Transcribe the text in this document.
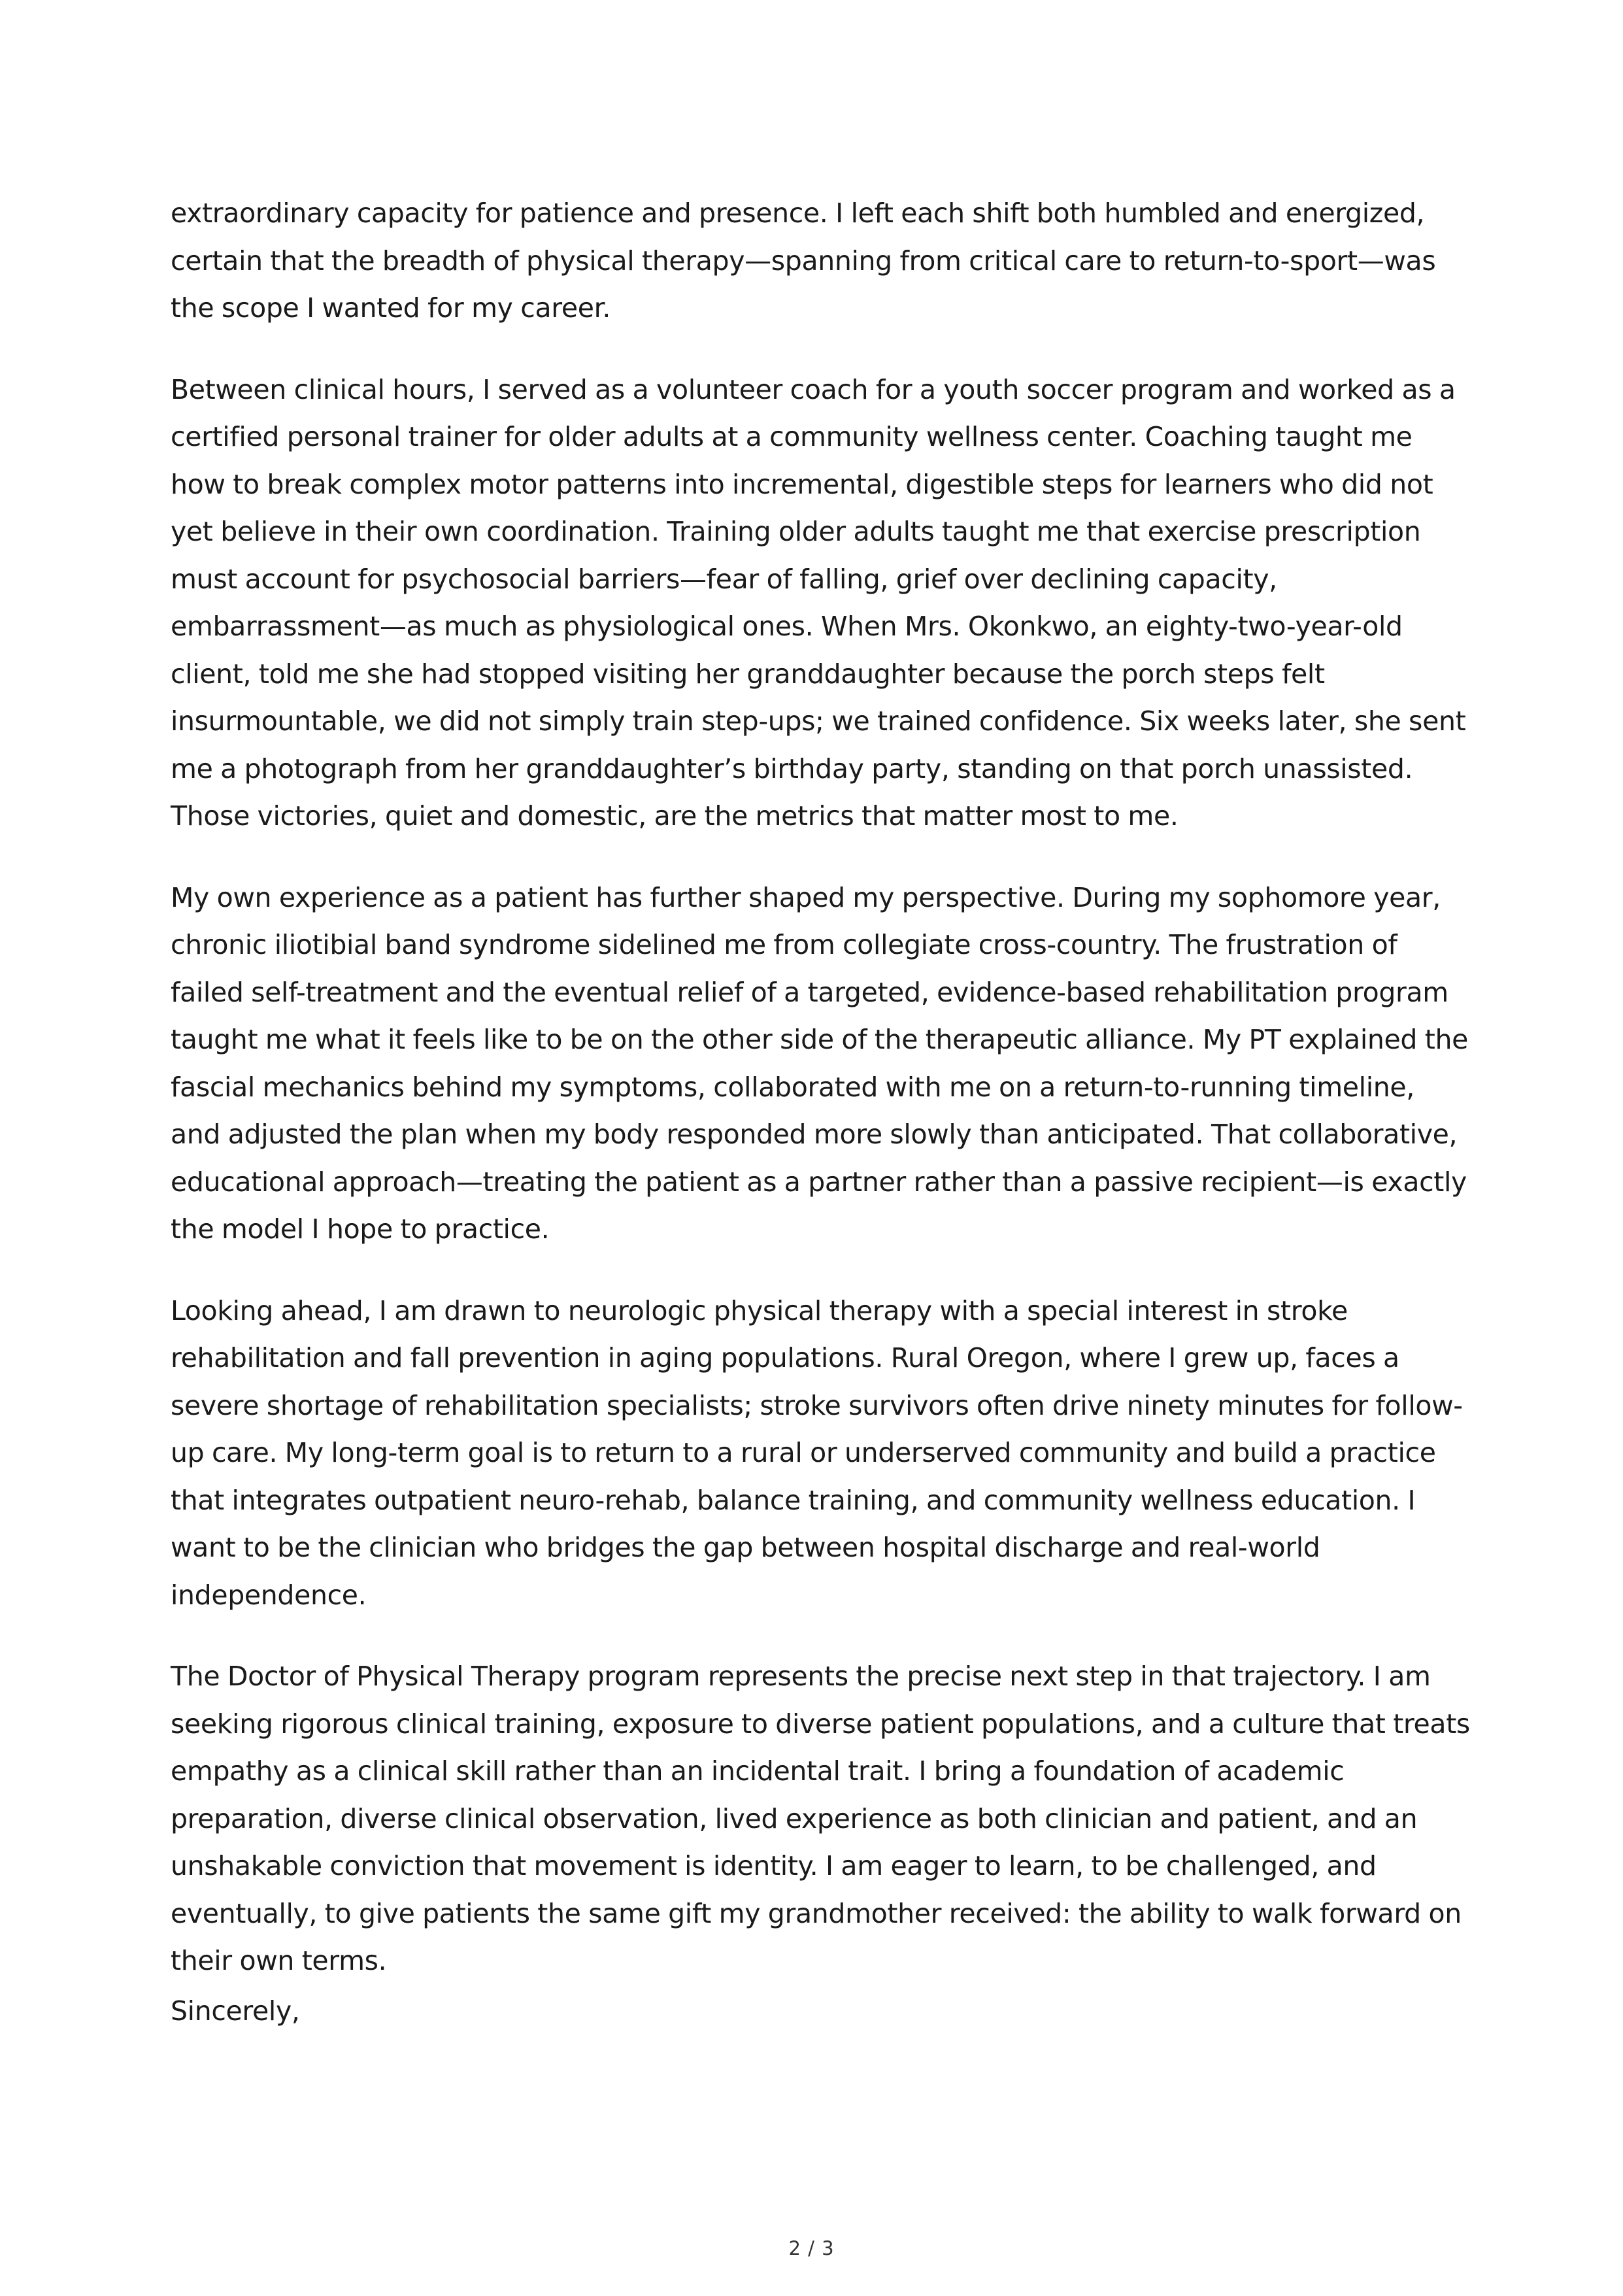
extraordinary capacity for patience and presence. I left each shift both humbled and energized, certain that the breadth of physical therapy—spanning from critical care to return-to-sport—was the scope I wanted for my career.

Between clinical hours, I served as a volunteer coach for a youth soccer program and worked as a certified personal trainer for older adults at a community wellness center. Coaching taught me how to break complex motor patterns into incremental, digestible steps for learners who did not yet believe in their own coordination. Training older adults taught me that exercise prescription must account for psychosocial barriers—fear of falling, grief over declining capacity, embarrassment—as much as physiological ones. When Mrs. Okonkwo, an eighty-two-year-old client, told me she had stopped visiting her granddaughter because the porch steps felt insurmountable, we did not simply train step-ups; we trained confidence. Six weeks later, she sent me a photograph from her granddaughter’s birthday party, standing on that porch unassisted. Those victories, quiet and domestic, are the metrics that matter most to me.

My own experience as a patient has further shaped my perspective. During my sophomore year, chronic iliotibial band syndrome sidelined me from collegiate cross-country. The frustration of failed self-treatment and the eventual relief of a targeted, evidence-based rehabilitation program taught me what it feels like to be on the other side of the therapeutic alliance. My PT explained the fascial mechanics behind my symptoms, collaborated with me on a return-to-running timeline, and adjusted the plan when my body responded more slowly than anticipated. That collaborative, educational approach—treating the patient as a partner rather than a passive recipient—is exactly the model I hope to practice.

Looking ahead, I am drawn to neurologic physical therapy with a special interest in stroke rehabilitation and fall prevention in aging populations. Rural Oregon, where I grew up, faces a severe shortage of rehabilitation specialists; stroke survivors often drive ninety minutes for follow-up care. My long-term goal is to return to a rural or underserved community and build a practice that integrates outpatient neuro-rehab, balance training, and community wellness education. I want to be the clinician who bridges the gap between hospital discharge and real-world independence.

The Doctor of Physical Therapy program represents the precise next step in that trajectory. I am seeking rigorous clinical training, exposure to diverse patient populations, and a culture that treats empathy as a clinical skill rather than an incidental trait. I bring a foundation of academic preparation, diverse clinical observation, lived experience as both clinician and patient, and an unshakable conviction that movement is identity. I am eager to learn, to be challenged, and eventually, to give patients the same gift my grandmother received: the ability to walk forward on their own terms.

Sincerely,

2 / 3
